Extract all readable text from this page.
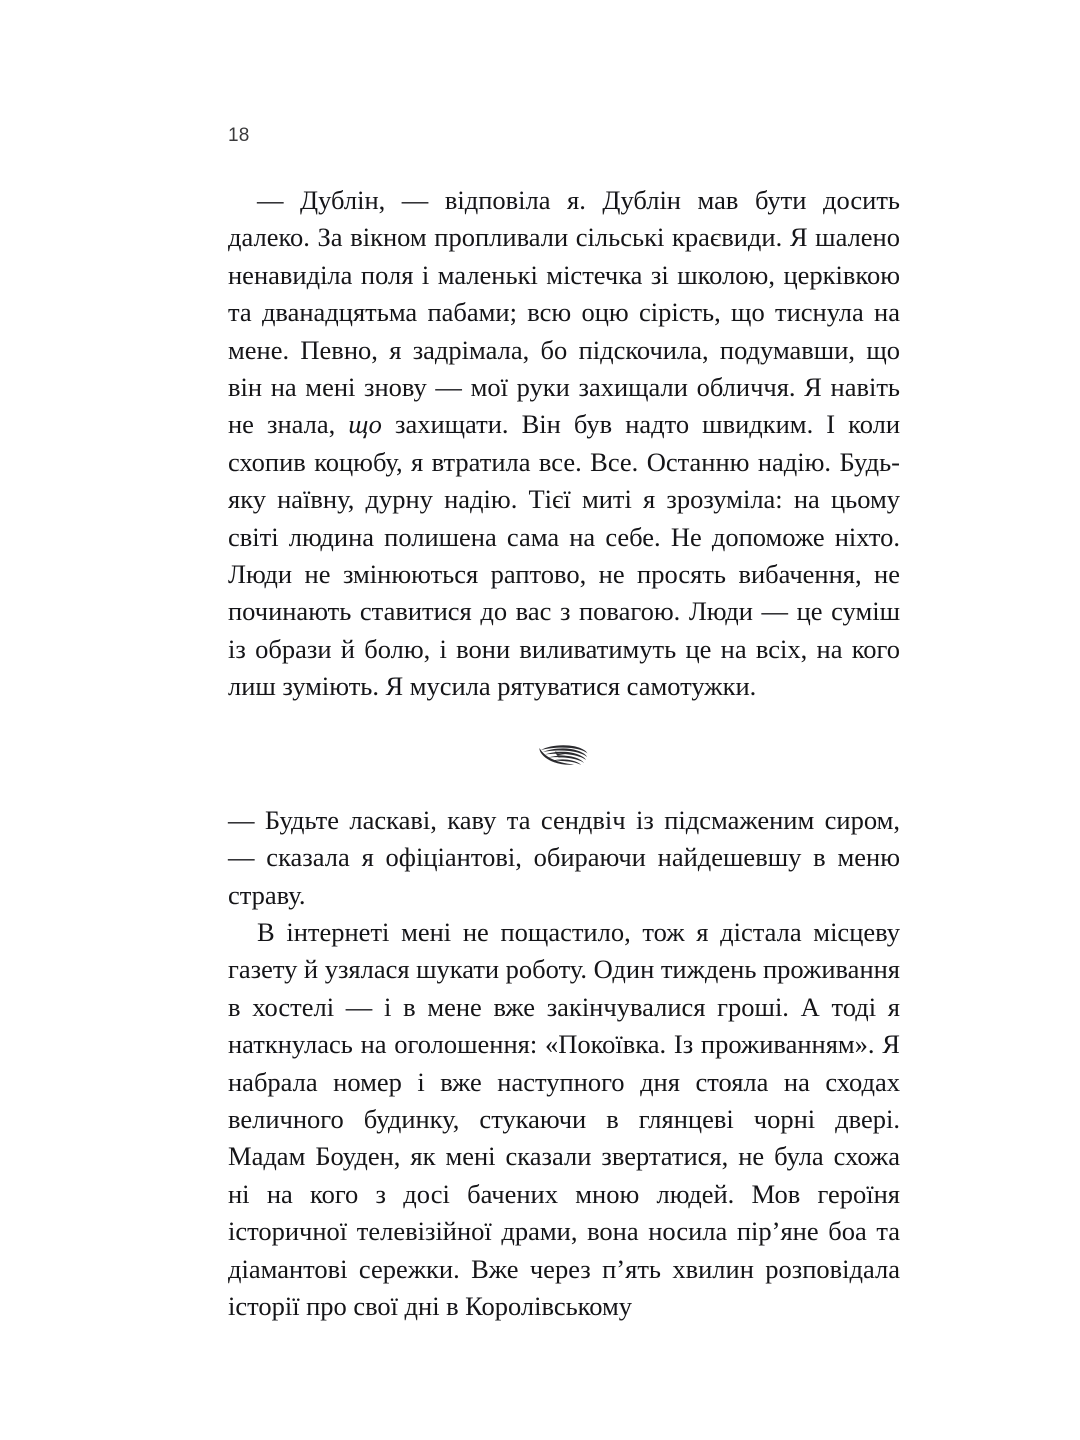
18

— Дублін, — відповіла я. Дублін мав бути досить далеко. За вікном пропливали сільські краєвиди. Я шалено ненавиділа поля і маленькі містечка зі школою, церківкою та дванадцятьма пабами; всю оцю сірість, що тиснула на мене. Певно, я задрімала, бо підскочила, подумавши, що він на мені знову — мої руки захищали обличчя. Я навіть не знала, що захищати. Він був надто швидким. І коли схопив коцюбу, я втратила все. Все. Останню надію. Будь-яку наївну, дурну надію. Тієї миті я зрозуміла: на цьому світі людина полишена сама на себе. Не допоможе ніхто. Люди не змінюються раптово, не просять вибачення, не починають ставитися до вас з повагою. Люди — це суміш із образи й болю, і вони виливатимуть це на всіх, на кого лиш зуміють. Я мусила рятуватися самотужки.

— Будьте ласкаві, каву та сендвіч із підсмаженим сиром, — сказала я офіціантові, обираючи найдешевшу в меню страву.

В інтернеті мені не пощастило, тож я дістала місцеву газету й узялася шукати роботу. Один тиждень проживання в хостелі — і в мене вже закінчувалися гроші. А тоді я наткнулась на оголошення: «Покоївка. Із проживанням». Я набрала номер і вже наступного дня стояла на сходах величного будинку, стукаючи в глянцеві чорні двері. Мадам Боуден, як мені сказали звертатися, не була схожа ні на кого з досі бачених мною людей. Мов героїня історичної телевізійної драми, вона носила пір’яне боа та діамантові сережки. Вже через п’ять хвилин розповідала історії про свої дні в Королівському
